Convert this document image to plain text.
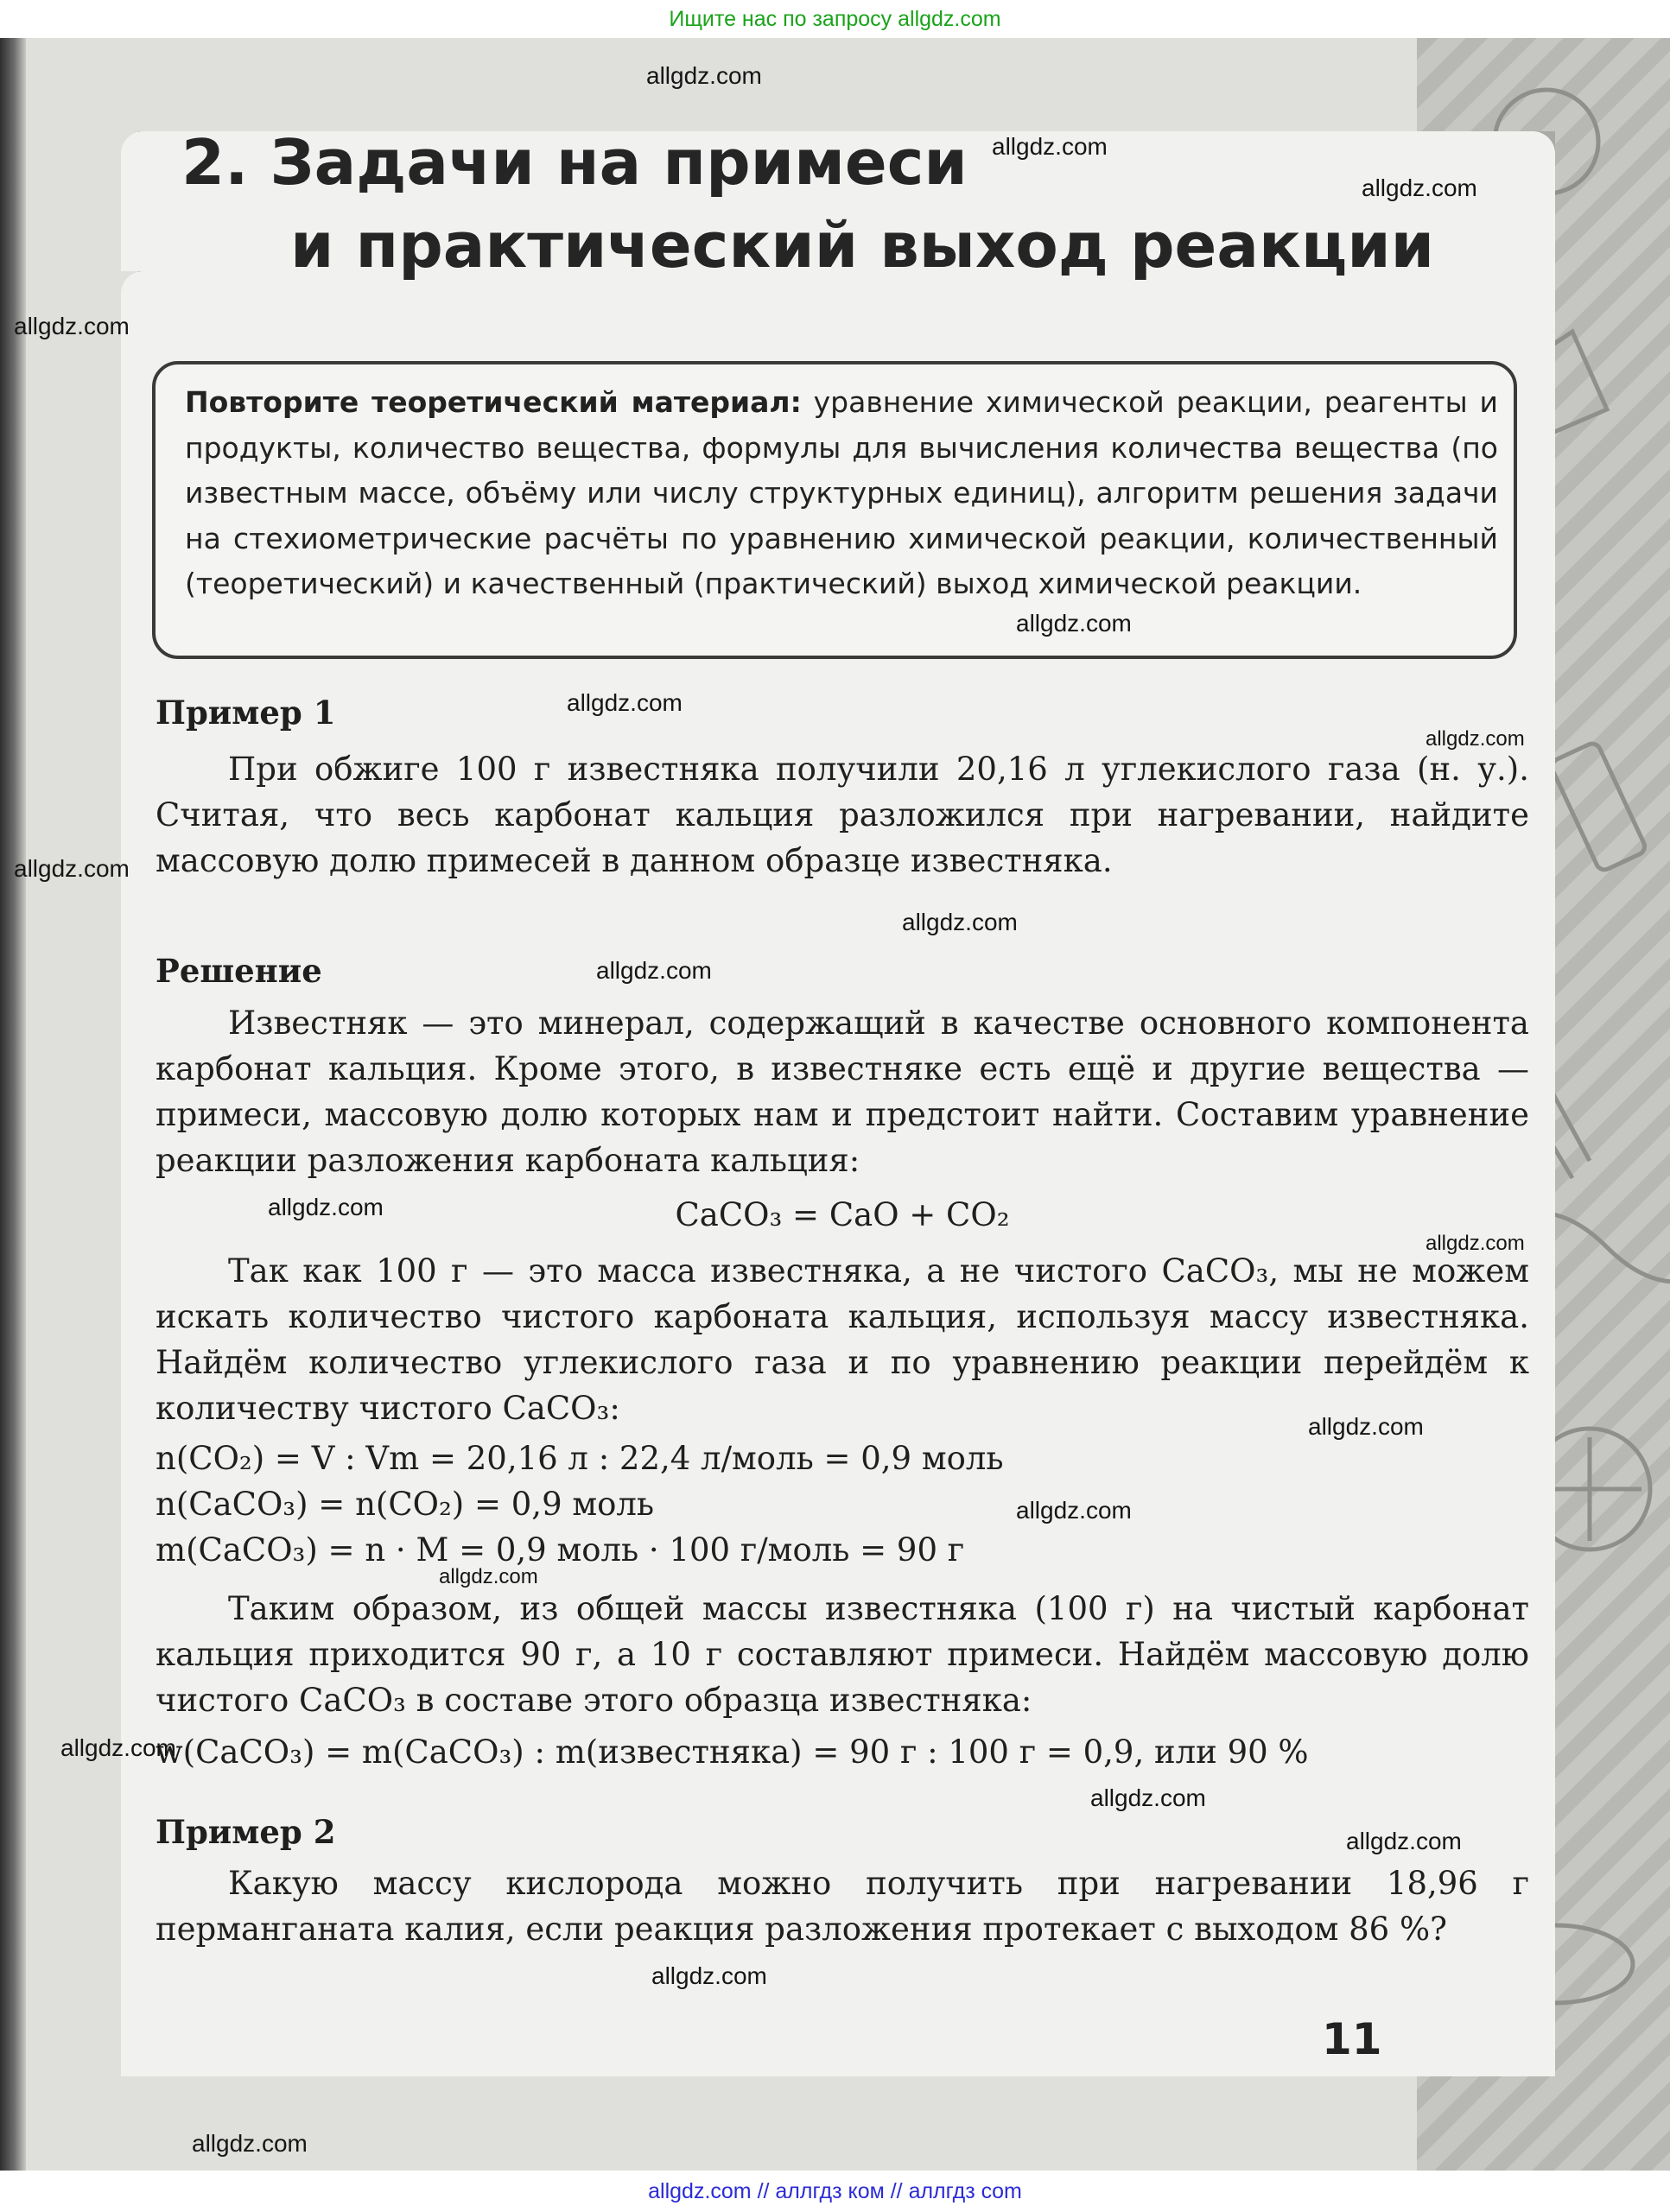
Ищите нас по запросу allgdz.com
2. Задачи на примеси
и практический выход реакции

Повторите теоретический материал: уравнение химической реакции, реагенты и продукты, количество вещества, формулы для вычисления количества вещества (по известным массе, объёму или числу структурных единиц), алгоритм решения задачи на стехиометрические расчёты по уравнению химической реакции, количественный (теоретический) и качественный (практический) выход химической реакции.

Пример 1

При обжиге 100 г известняка получили 20,16 л углекислого газа (н. у.). Считая, что весь карбонат кальция разложился при нагревании, найдите массовую долю примесей в данном образце известняка.

Решение

Известняк — это минерал, содержащий в качестве основного компонента карбонат кальция. Кроме этого, в известняке есть ещё и другие вещества — примеси, массовую долю которых нам и предстоит найти. Составим уравнение реакции разложения карбоната кальция:

CaCO₃ = CaO + CO₂

Так как 100 г — это масса известняка, а не чистого CaCO₃, мы не можем искать количество чистого карбоната кальция, используя массу известняка. Найдём количество углекислого газа и по уравнению реакции перейдём к количеству чистого CaCO₃:

n(CO₂) = V : Vm = 20,16 л : 22,4 л/моль = 0,9 моль

n(CaCO₃) = n(CO₂) = 0,9 моль

m(CaCO₃) = n · M = 0,9 моль · 100 г/моль = 90 г

Таким образом, из общей массы известняка (100 г) на чистый карбонат кальция приходится 90 г, а 10 г составляют примеси. Найдём массовую долю чистого CaCO₃ в составе этого образца известняка:

w(CaCO₃) = m(CaCO₃) : m(известняка) = 90 г : 100 г = 0,9, или 90 %

Пример 2

Какую массу кислорода можно получить при нагревании 18,96 г перманганата калия, если реакция разложения протекает с выходом 86 %?

11
allgdz.com
allgdz.com
allgdz.com
allgdz.com
allgdz.com
allgdz.com
allgdz.com
allgdz.com
allgdz.com
allgdz.com
allgdz.com
allgdz.com
allgdz.com
allgdz.com
allgdz.com
allgdz.com
allgdz.com
allgdz.com
allgdz.com
allgdz.com
allgdz.com // аллгдз ком // аллгдз com
